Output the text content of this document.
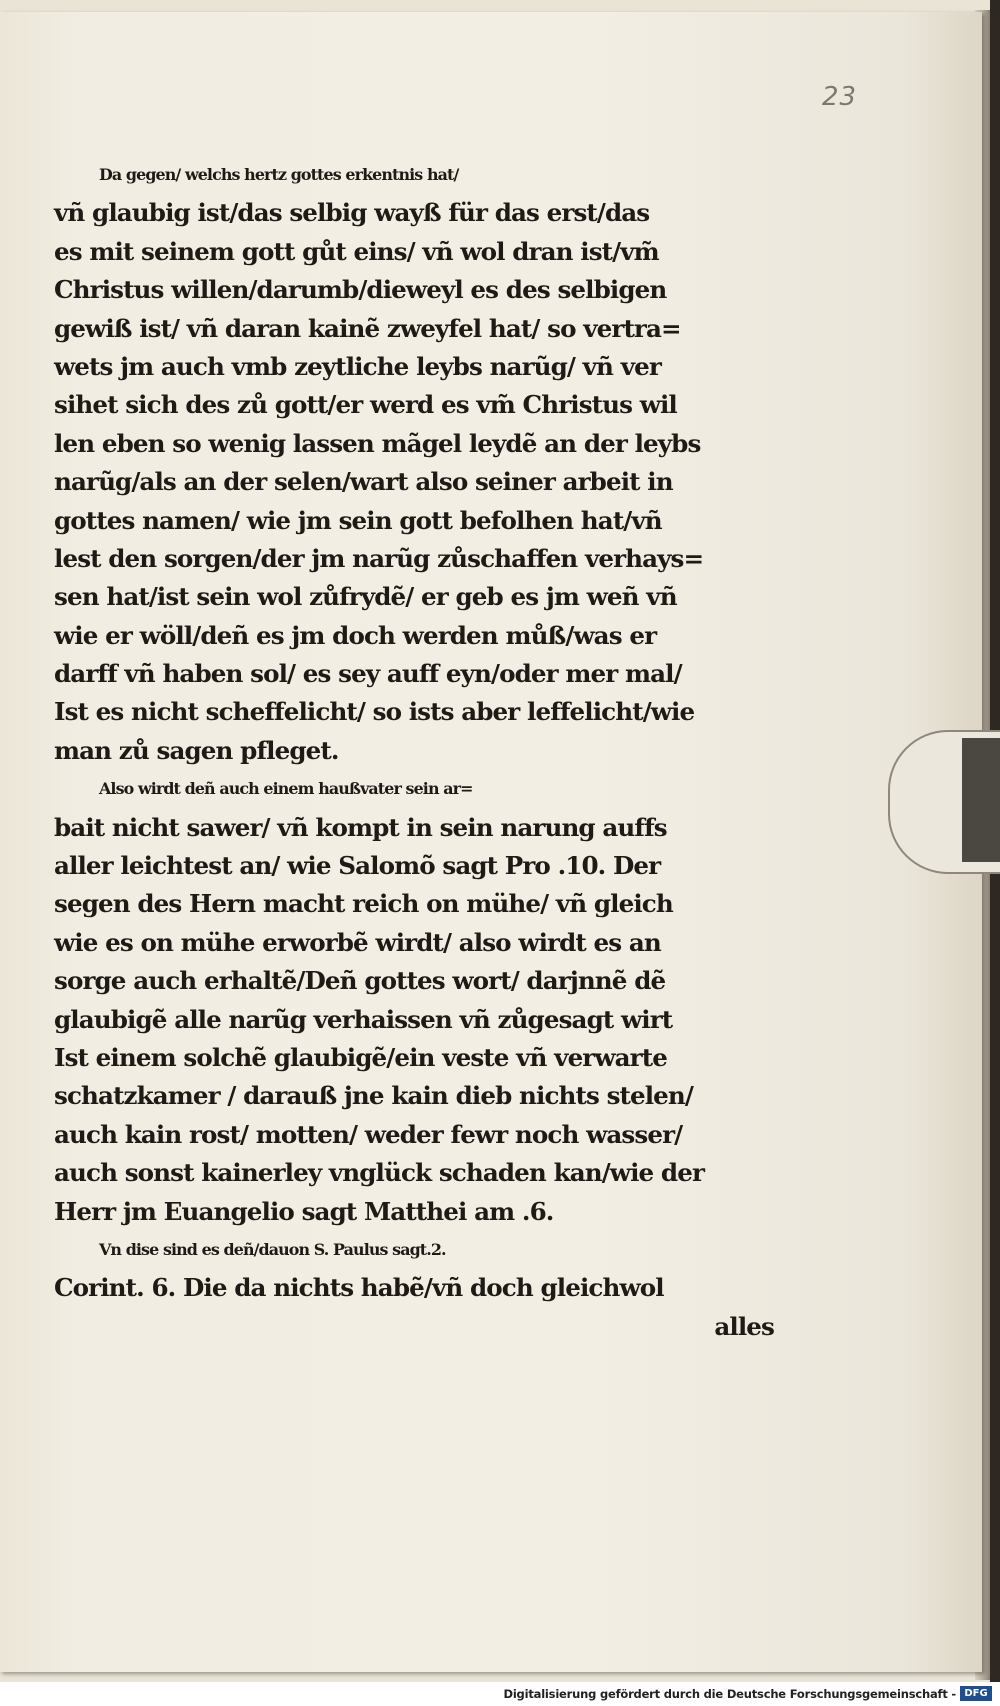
23
Da gegen/ welchs hertz gottes erkentnis hat/
vñ glaubig ist/das selbig wayß für das erst/das
es mit seinem gott gůt eins/ vñ wol dran ist/vm̃
Christus willen/darumb/dieweyl es des selbigen
gewiß ist/ vñ daran kainẽ zweyfel hat/ so vertra=
wets jm auch vmb zeytliche leybs narũg/ vñ ver
sihet sich des zů gott/er werd es vm̃ Christus wil
len eben so wenig lassen mãgel leydẽ an der leybs
narũg/als an der selen/wart also seiner arbeit in
gottes namen/ wie jm sein gott befolhen hat/vñ
lest den sorgen/der jm narũg zůschaffen verhays=
sen hat/ist sein wol zůfrydẽ/ er geb es jm weñ vñ
wie er wöll/deñ es jm doch werden můß/was er
darff vñ haben sol/ es sey auff eyn/oder mer mal/
Ist es nicht scheffelicht/ so ists aber leffelicht/wie
man zů sagen pfleget.
Also wirdt deñ auch einem haußvater sein ar=
bait nicht sawer/ vñ kompt in sein narung auffs
aller leichtest an/ wie Salomõ sagt Pro .10. Der
segen des Hern macht reich on mühe/ vñ gleich
wie es on mühe erworbẽ wirdt/ also wirdt es an
sorge auch erhaltẽ/Deñ gottes wort/ darjnnẽ dẽ
glaubigẽ alle narũg verhaissen vñ zůgesagt wirt
Ist einem solchẽ glaubigẽ/ein veste vñ verwarte
schatzkamer / darauß jne kain dieb nichts stelen/
auch kain rost/ motten/ weder fewr noch wasser/
auch sonst kainerley vnglück schaden kan/wie der
Herr jm Euangelio sagt Matthei am .6.
Vn dise sind es deñ/dauon S. Paulus sagt.2.
Corint. 6. Die da nichts habẽ/vñ doch gleichwol
alles
Digitalisierung gefördert durch die Deutsche Forschungsgemeinschaft - DFG
